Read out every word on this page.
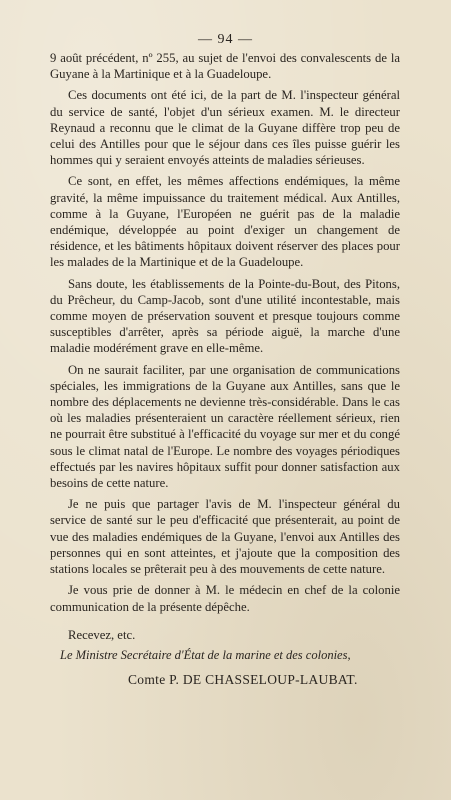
— 94 —

9 août précédent, nº 255, au sujet de l'envoi des convalescents de la Guyane à la Martinique et à la Guadeloupe.

Ces documents ont été ici, de la part de M. l'inspecteur général du service de santé, l'objet d'un sérieux examen. M. le directeur Reynaud a reconnu que le climat de la Guyane diffère trop peu de celui des Antilles pour que le séjour dans ces îles puisse guérir les hommes qui y seraient envoyés atteints de maladies sérieuses.

Ce sont, en effet, les mêmes affections endémiques, la même gravité, la même impuissance du traitement médical. Aux Antilles, comme à la Guyane, l'Européen ne guérit pas de la maladie endémique, développée au point d'exiger un changement de résidence, et les bâtiments hôpitaux doivent réserver des places pour les malades de la Martinique et de la Guadeloupe.

Sans doute, les établissements de la Pointe-du-Bout, des Pitons, du Prêcheur, du Camp-Jacob, sont d'une utilité incontestable, mais comme moyen de préservation souvent et presque toujours comme susceptibles d'arrêter, après sa période aiguë, la marche d'une maladie modérément grave en elle-même.

On ne saurait faciliter, par une organisation de communications spéciales, les immigrations de la Guyane aux Antilles, sans que le nombre des déplacements ne devienne très-considérable. Dans le cas où les maladies présenteraient un caractère réellement sérieux, rien ne pourrait être substitué à l'efficacité du voyage sur mer et du congé sous le climat natal de l'Europe. Le nombre des voyages périodiques effectués par les navires hôpitaux suffit pour donner satisfaction aux besoins de cette nature.

Je ne puis que partager l'avis de M. l'inspecteur général du service de santé sur le peu d'efficacité que présenterait, au point de vue des maladies endémiques de la Guyane, l'envoi aux Antilles des personnes qui en sont atteintes, et j'ajoute que la composition des stations locales se prêterait peu à des mouvements de cette nature.

Je vous prie de donner à M. le médecin en chef de la colonie communication de la présente dépêche.

Recevez, etc.

Le Ministre Secrétaire d'État de la marine et des colonies,
Comte P. DE CHASSELOUP-LAUBAT.
